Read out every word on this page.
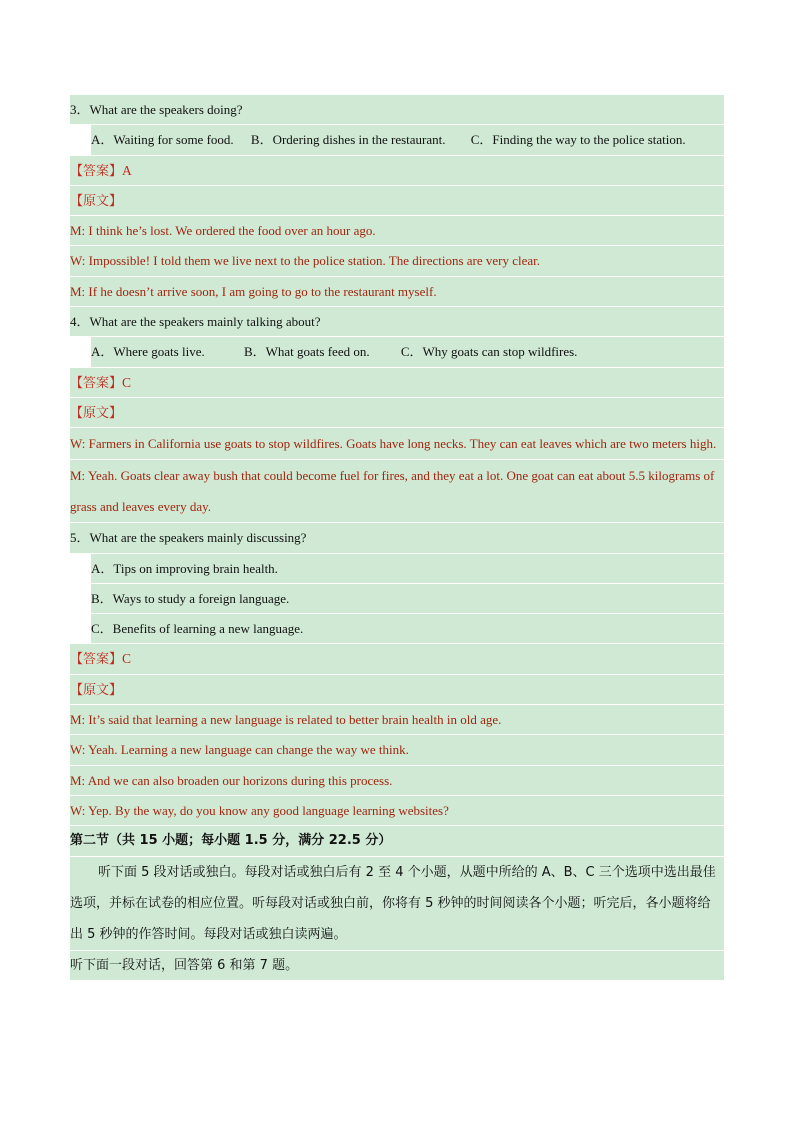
3．What are the speakers doing?
A．Waiting for some food. B．Ordering dishes in the restaurant. C．Finding the way to the police station.
【答案】A
【原文】
M: I think he’s lost. We ordered the food over an hour ago.
W: Impossible! I told them we live next to the police station. The directions are very clear.
M: If he doesn’t arrive soon, I am going to go to the restaurant myself.
4．What are the speakers mainly talking about?
A．Where goats live.	B．What goats feed on. C．Why goats can stop wildfires.
【答案】C
【原文】
W: Farmers in California use goats to stop wildfires. Goats have long necks. They can eat leaves which are two meters high.
M: Yeah. Goats clear away bush that could become fuel for fires, and they eat a lot. One goat can eat about 5.5 kilograms of grass and leaves every day.
5．What are the speakers mainly discussing?
A．Tips on improving brain health.
B．Ways to study a foreign language.
C．Benefits of learning a new language.
【答案】C
【原文】
M: It’s said that learning a new language is related to better brain health in old age.
W: Yeah. Learning a new language can change the way we think.
M: And we can also broaden our horizons during this process.
W: Yep. By the way, do you know any good language learning websites?
第二节（共 15 小题；每小题 1.5 分，满分 22.5 分）
听下面 5 段对话或独白。每段对话或独白后有 2 至 4 个小题，从题中所给的 A、B、C 三个选项中选出最佳选项，并标在试卷的相应位置。听每段对话或独白前，你将有 5 秒钟的时间阅读各个小题；听完后，各小题将给出 5 秒钟的作答时间。每段对话或独白读两遍。
听下面一段对话，回答第 6 和第 7 题。
